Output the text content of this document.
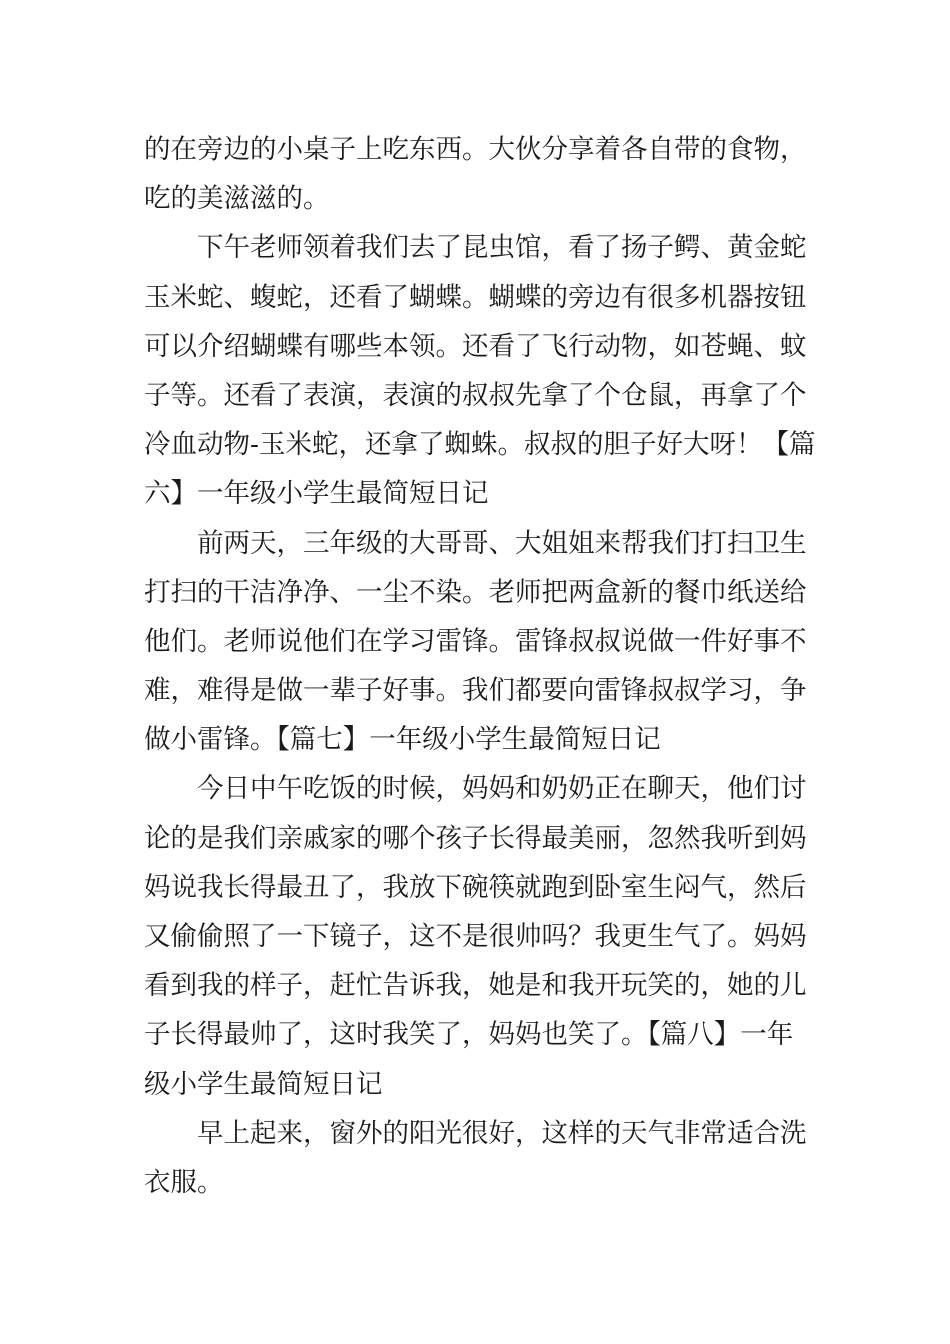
的在旁边的小桌子上吃东西。大伙分享着各自带的食物，
吃的美滋滋的。
下午老师领着我们去了昆虫馆，看了扬子鳄、黄金蛇
玉米蛇、蝮蛇，还看了蝴蝶。蝴蝶的旁边有很多机器按钮
可以介绍蝴蝶有哪些本领。还看了飞行动物，如苍蝇、蚊
子等。还看了表演，表演的叔叔先拿了个仓鼠，再拿了个
冷血动物-玉米蛇，还拿了蜘蛛。叔叔的胆子好大呀！【篇
六】一年级小学生最简短日记
前两天，三年级的大哥哥、大姐姐来帮我们打扫卫生
打扫的干洁净净、一尘不染。老师把两盒新的餐巾纸送给
他们。老师说他们在学习雷锋。雷锋叔叔说做一件好事不
难，难得是做一辈子好事。我们都要向雷锋叔叔学习，争
做小雷锋。【篇七】一年级小学生最简短日记
今日中午吃饭的时候，妈妈和奶奶正在聊天，他们讨
论的是我们亲戚家的哪个孩子长得最美丽，忽然我听到妈
妈说我长得最丑了，我放下碗筷就跑到卧室生闷气，然后
又偷偷照了一下镜子，这不是很帅吗？我更生气了。妈妈
看到我的样子，赶忙告诉我，她是和我开玩笑的，她的儿
子长得最帅了，这时我笑了，妈妈也笑了。【篇八】一年
级小学生最简短日记
早上起来，窗外的阳光很好，这样的天气非常适合洗
衣服。
